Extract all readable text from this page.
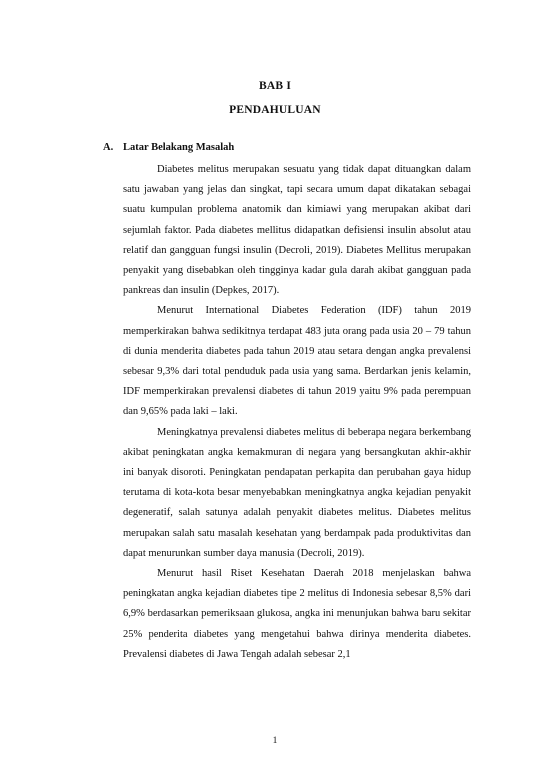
BAB I
PENDAHULUAN
A. Latar Belakang Masalah

Diabetes melitus merupakan sesuatu yang tidak dapat dituangkan dalam satu jawaban yang jelas dan singkat, tapi secara umum dapat dikatakan sebagai suatu kumpulan problema anatomik dan kimiawi yang merupakan akibat dari sejumlah faktor. Pada diabetes mellitus didapatkan defisiensi insulin absolut atau relatif dan gangguan fungsi insulin (Decroli, 2019). Diabetes Mellitus merupakan penyakit yang disebabkan oleh tingginya kadar gula darah akibat gangguan pada pankreas dan insulin (Depkes, 2017).

Menurut International Diabetes Federation (IDF) tahun 2019 memperkirakan bahwa sedikitnya terdapat 483 juta orang pada usia 20 – 79 tahun di dunia menderita diabetes pada tahun 2019 atau setara dengan angka prevalensi sebesar 9,3% dari total penduduk pada usia yang sama. Berdarkan jenis kelamin, IDF memperkirakan prevalensi diabetes di tahun 2019 yaitu 9% pada perempuan dan 9,65% pada laki – laki.

Meningkatnya prevalensi diabetes melitus di beberapa negara berkembang akibat peningkatan angka kemakmuran di negara yang bersangkutan akhir-akhir ini banyak disoroti. Peningkatan pendapatan perkapita dan perubahan gaya hidup terutama di kota-kota besar menyebabkan meningkatnya angka kejadian penyakit degeneratif, salah satunya adalah penyakit diabetes melitus. Diabetes melitus merupakan salah satu masalah kesehatan yang berdampak pada produktivitas dan dapat menurunkan sumber daya manusia (Decroli, 2019).

Menurut hasil Riset Kesehatan Daerah 2018 menjelaskan bahwa peningkatan angka kejadian diabetes tipe 2 melitus di Indonesia sebesar 8,5% dari 6,9% berdasarkan pemeriksaan glukosa, angka ini menunjukan bahwa baru sekitar 25% penderita diabetes yang mengetahui bahwa dirinya menderita diabetes. Prevalensi diabetes di Jawa Tengah adalah sebesar 2,1

1
